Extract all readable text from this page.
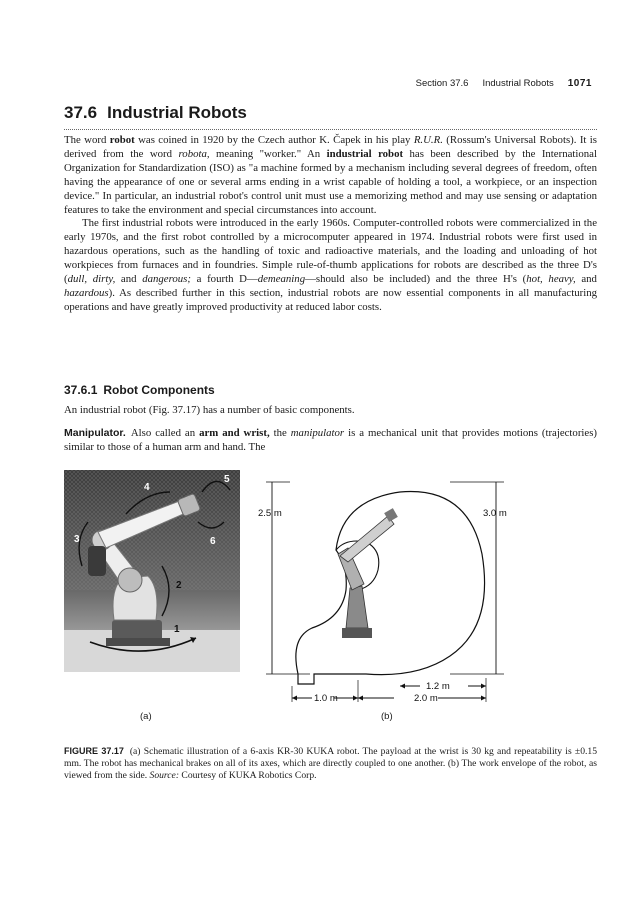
Section 37.6 Industrial Robots 1071
37.6 Industrial Robots

The word robot was coined in 1920 by the Czech author K. Čapek in his play R.U.R. (Rossum's Universal Robots). It is derived from the word robota, meaning "worker." An industrial robot has been described by the International Organization for Standardization (ISO) as "a machine formed by a mechanism including several degrees of freedom, often having the appearance of one or several arms ending in a wrist capable of holding a tool, a workpiece, or an inspection device." In particular, an industrial robot's control unit must use a memorizing method and may use sensing or adaptation features to take the environment and special circumstances into account.

The first industrial robots were introduced in the early 1960s. Computer-controlled robots were commercialized in the early 1970s, and the first robot controlled by a microcomputer appeared in 1974. Industrial robots were first used in hazardous operations, such as the handling of toxic and radioactive materials, and the loading and unloading of hot workpieces from furnaces and in foundries. Simple rule-of-thumb applications for robots are described as the three D's (dull, dirty, and dangerous; a fourth D—demeaning—should also be included) and the three H's (hot, heavy, and hazardous). As described further in this section, industrial robots are now essential components in all manufacturing operations and have greatly improved productivity at reduced labor costs.

37.6.1 Robot Components

An industrial robot (Fig. 37.17) has a number of basic components.

Manipulator. Also called an arm and wrist, the manipulator is a mechanical unit that provides motions (trajectories) similar to those of a human arm and hand. The

1
2
3
4
5
6
2.5 m	3.0 m
1.2 m
1.0 m	2.0 m
(a)	(b)
FIGURE 37.17 (a) Schematic illustration of a 6-axis KR-30 KUKA robot. The payload at the wrist is 30 kg and repeatability is ±0.15 mm. The robot has mechanical brakes on all of its axes, which are directly coupled to one another. (b) The work envelope of the robot, as viewed from the side. Source: Courtesy of KUKA Robotics Corp.
